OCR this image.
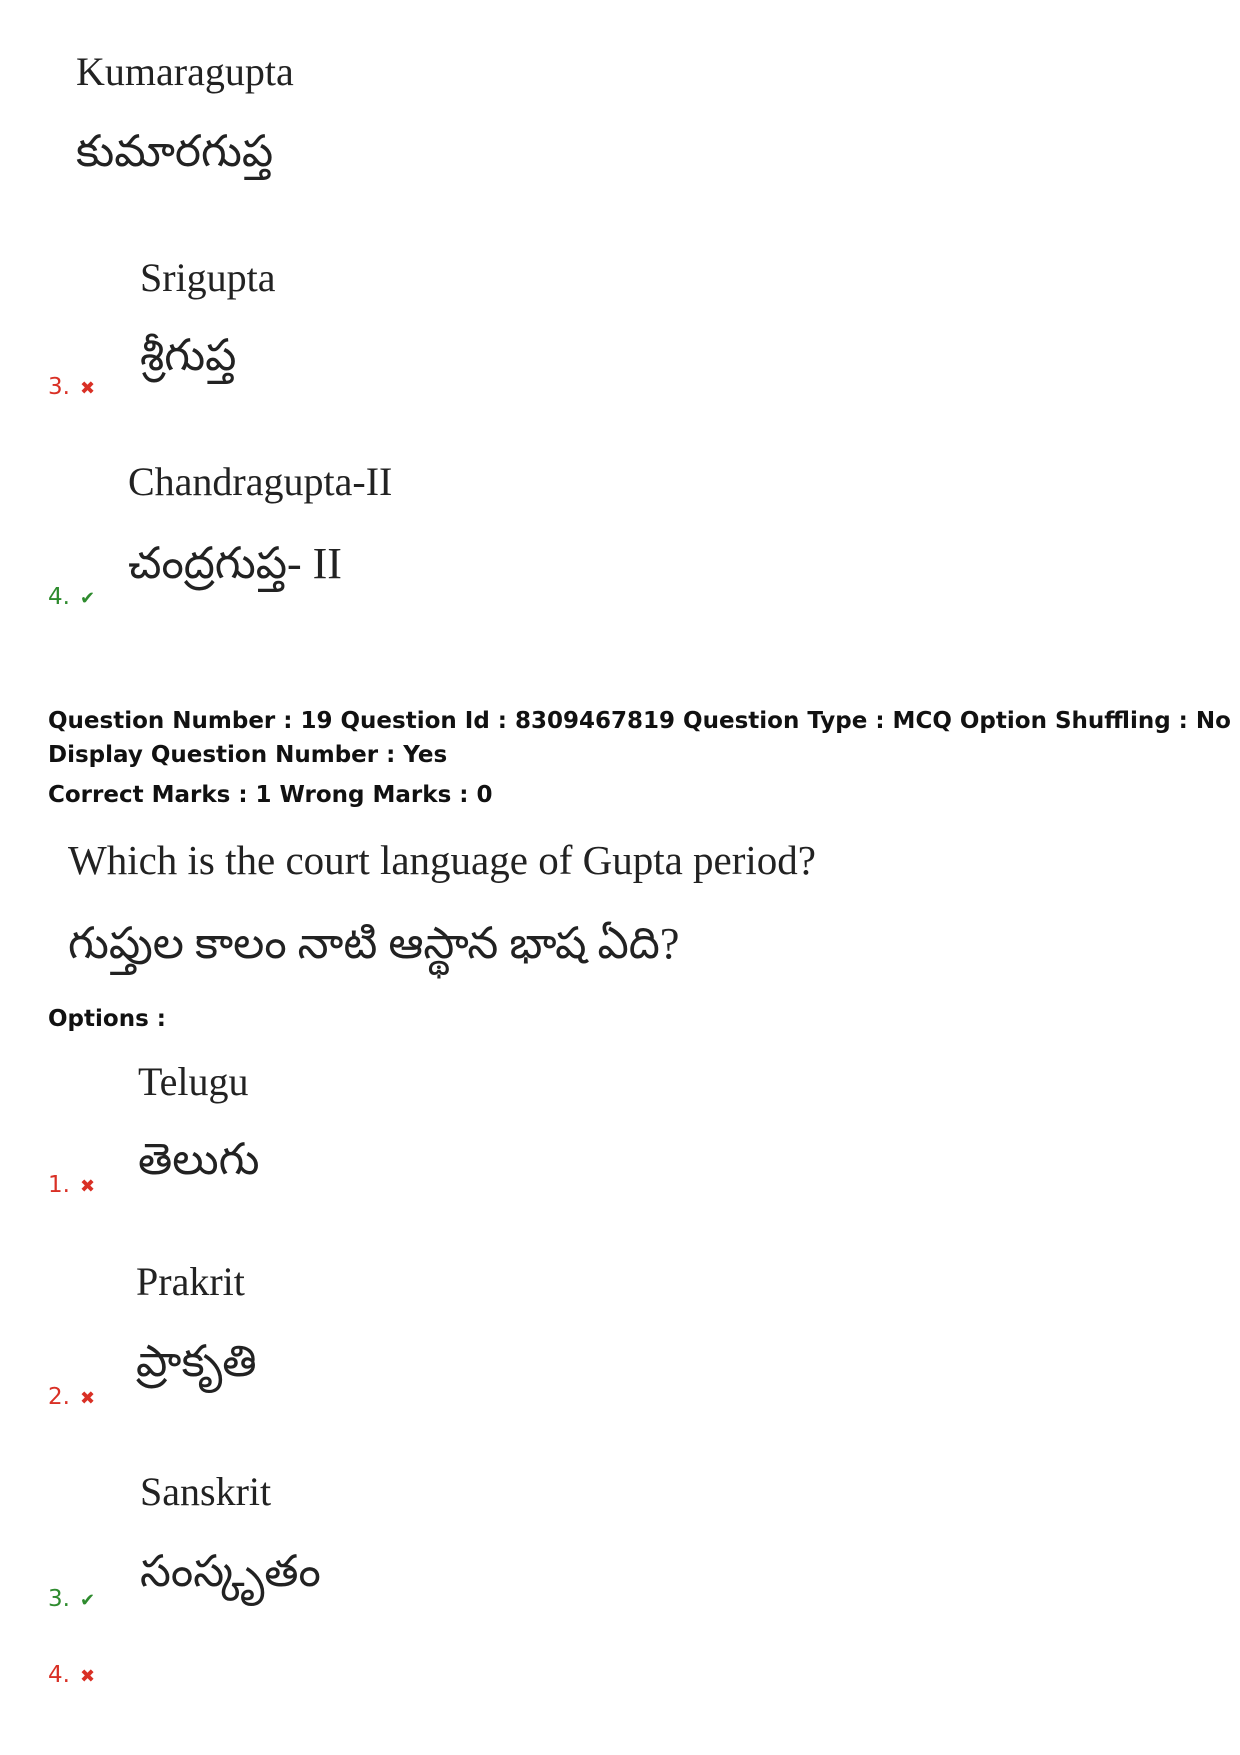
Kumaragupta
కుమారగుప్త
Srigupta
శ్రీగుప్త
3. ✖
Chandragupta-II
చంద్రగుప్త- II
4. ✔
Question Number : 19 Question Id : 8309467819 Question Type : MCQ Option Shuffling : No
Display Question Number : Yes
Correct Marks : 1 Wrong Marks : 0
Which is the court language of Gupta period?
గుప్తుల కాలం నాటి ఆస్థాన భాష ఏది?
Options :
Telugu
తెలుగు
1. ✖
Prakrit
ప్రాకృతి
2. ✖
Sanskrit
సంస్కృతం
3. ✔
4. ✖
